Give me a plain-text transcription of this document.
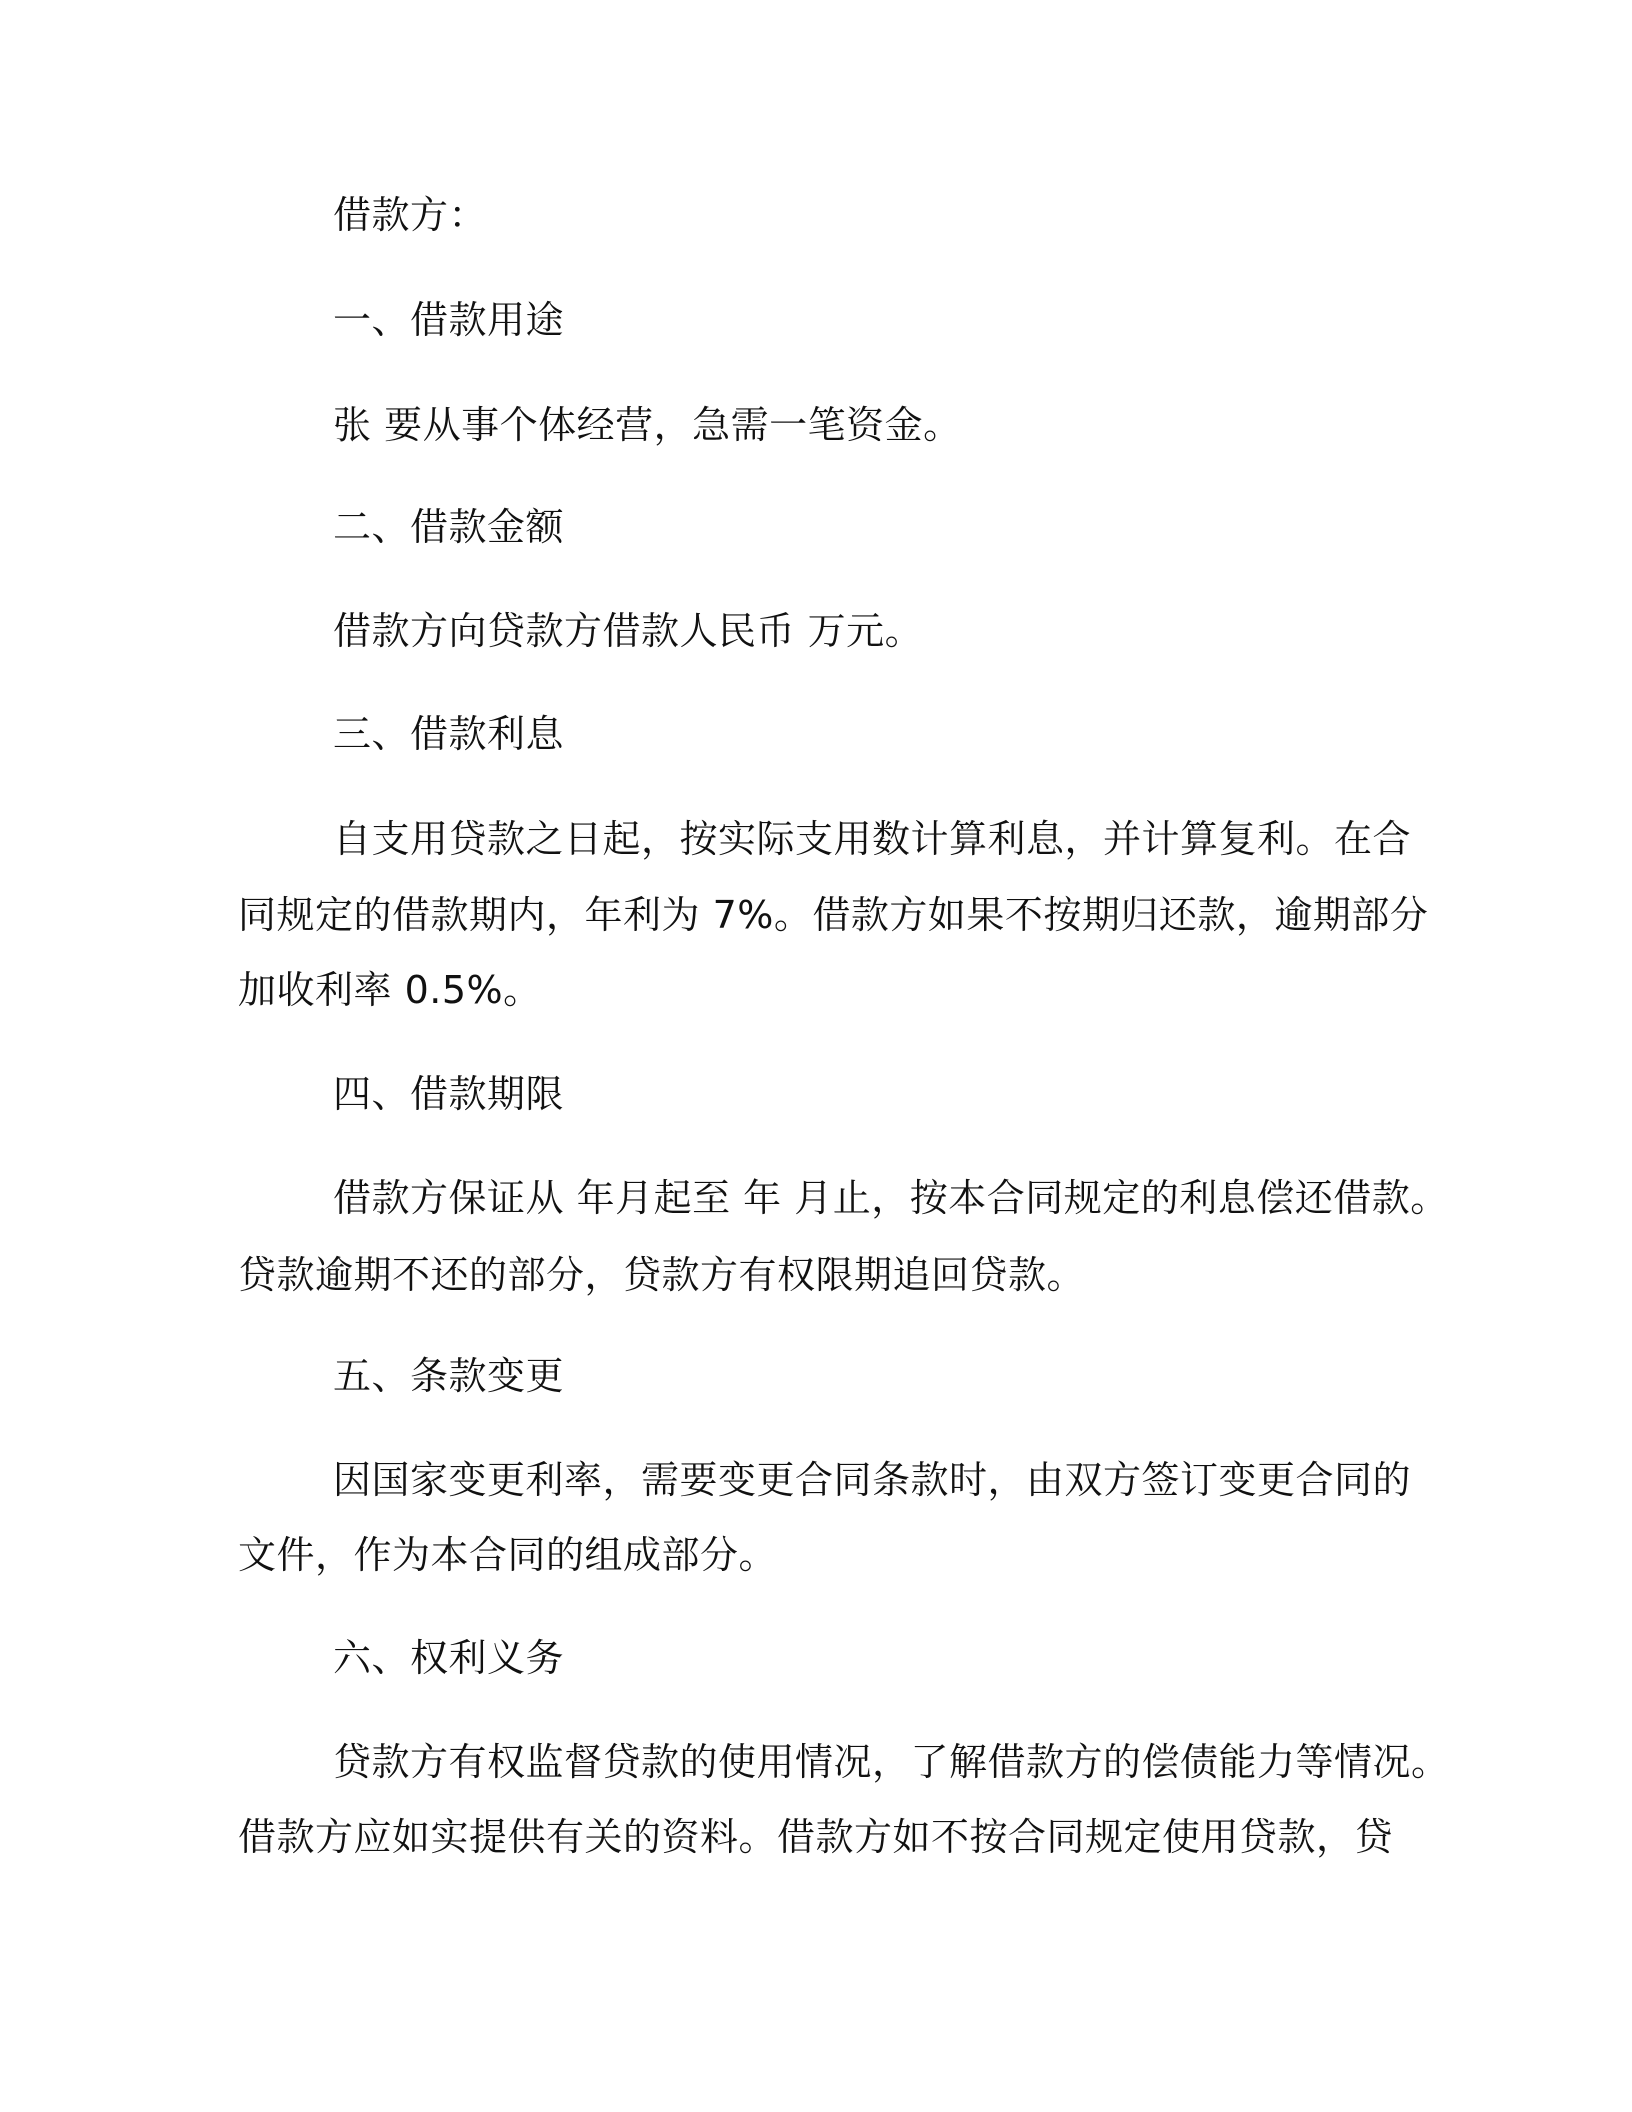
借款方：
一、借款用途
张 要从事个体经营，急需一笔资金。
二、借款金额
借款方向贷款方借款人民币 万元。
三、借款利息
自支用贷款之日起，按实际支用数计算利息，并计算复利。在合
同规定的借款期内，年利为 7%。借款方如果不按期归还款，逾期部分
加收利率 0.5%。
四、借款期限
借款方保证从 年月起至 年 月止，按本合同规定的利息偿还借款。
贷款逾期不还的部分，贷款方有权限期追回贷款。
五、条款变更
因国家变更利率，需要变更合同条款时，由双方签订变更合同的
文件，作为本合同的组成部分。
六、权利义务
贷款方有权监督贷款的使用情况，了解借款方的偿债能力等情况。
借款方应如实提供有关的资料。借款方如不按合同规定使用贷款，贷
